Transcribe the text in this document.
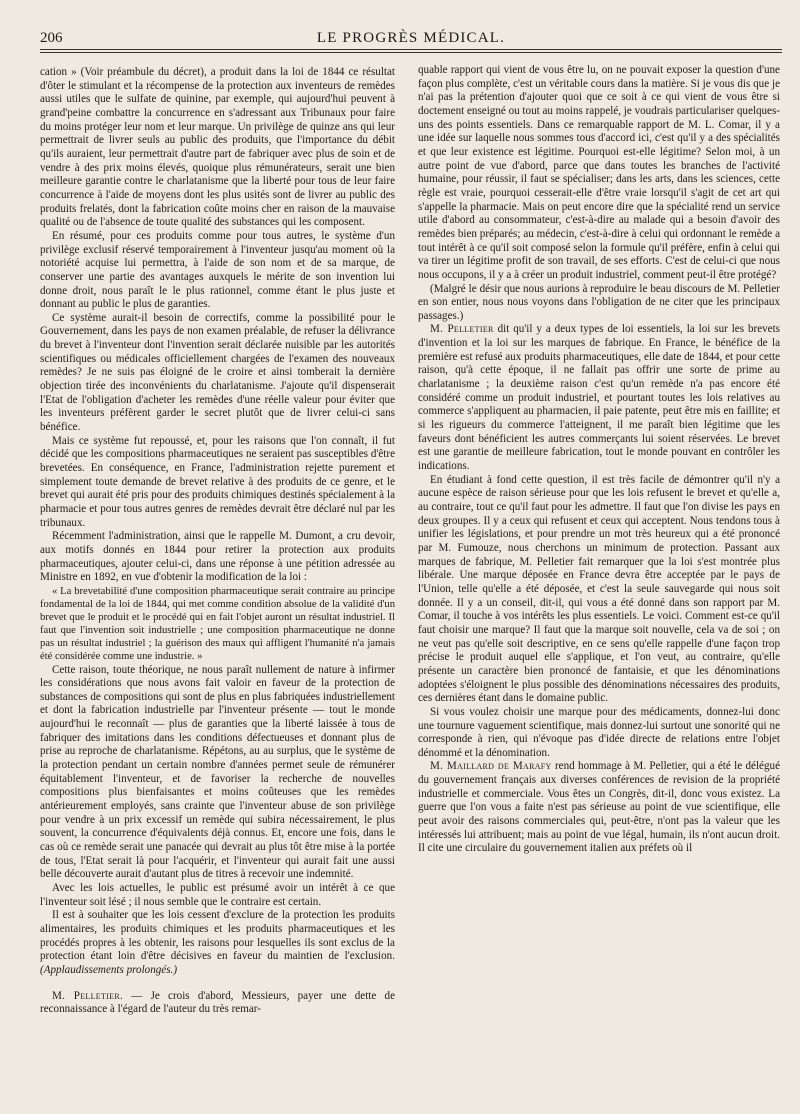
206	LE PROGRÈS MÉDICAL.

cation » (Voir préambule du décret), a produit dans la loi de 1844 ce résultat d'ôter le stimulant et la récompense de la protection aux inventeurs de remèdes aussi utiles que le sulfate de quinine, par exemple, qui aujourd'hui peuvent à grand'peine combattre la concurrence en s'adressant aux Tribunaux pour faire du moins protéger leur nom et leur marque. Un privilège de quinze ans qui leur permettrait de livrer seuls au public des produits, que l'importance du débit qu'ils auraient, leur permettrait d'autre part de fabriquer avec plus de soin et de vendre à des prix moins élevés, quoique plus rémunérateurs, serait une bien meilleure garantie contre le charlatanisme que la liberté pour tous de leur faire concurrence à l'aide de moyens dont les plus usités sont de livrer au public des produits frelatés, dont la fabrication coûte moins cher en raison de la mauvaise qualité ou de l'absence de toute qualité des substances qui les composent.

En résumé, pour ces produits comme pour tous autres, le système d'un privilège exclusif réservé temporairement à l'inventeur jusqu'au moment où la notoriété acquise lui permettra, à l'aide de son nom et de sa marque, de conserver une partie des avantages auxquels le mérite de son invention lui donne droit, nous paraît le le plus rationnel, comme étant le plus juste et donnant au public le plus de garanties.

Ce système aurait-il besoin de correctifs, comme la possibilité pour le Gouvernement, dans les pays de non examen préalable, de refuser la délivrance du brevet à l'inventeur dont l'invention serait déclarée nuisible par les autorités scientifiques ou médicales officiellement chargées de l'examen des nouveaux remèdes? Je ne suis pas éloigné de le croire et ainsi tomberait la dernière objection tirée des inconvénients du charlatanisme. J'ajoute qu'il dispenserait l'Etat de l'obligation d'acheter les remèdes d'une réelle valeur pour éviter que les inventeurs préfèrent garder le secret plutôt que de livrer celui-ci sans bénéfice.

Mais ce système fut repoussé, et, pour les raisons que l'on connaît, il fut décidé que les compositions pharmaceutiques ne seraient pas susceptibles d'être brevetées. En conséquence, en France, l'administration rejette purement et simplement toute demande de brevet relative à des produits de ce genre, et le brevet qui aurait été pris pour des produits chimiques destinés spécialement à la pharmacie et pour tous autres genres de remèdes devrait être déclaré nul par les tribunaux.

Récemment l'administration, ainsi que le rappelle M. Dumont, a cru devoir, aux motifs donnés en 1844 pour retirer la protection aux produits pharmaceutiques, ajouter celui-ci, dans une réponse à une pétition adressée au Ministre en 1892, en vue d'obtenir la modification de la loi :

« La brevetabilité d'une composition pharmaceutique serait contraire au principe fondamental de la loi de 1844, qui met comme condition absolue de la validité d'un brevet que le produit et le procédé qui en fait l'objet auront un résultat industriel. Il faut que l'invention soit industrielle ; une composition pharmaceutique ne donne pas un résultat industriel ; la guérison des maux qui affligent l'humanité n'a jamais été considérée comme une industrie. »

Cette raison, toute théorique, ne nous paraît nullement de nature à infirmer les considérations que nous avons fait valoir en faveur de la protection de substances de compositions qui sont de plus en plus fabriquées industriellement et dont la fabrication industrielle par l'inventeur présente — tout le monde aujourd'hui le reconnaît — plus de garanties que la liberté laissée à tous de fabriquer des imitations dans les conditions défectueuses et donnant plus de prise au reproche de charlatanisme. Répétons, au au surplus, que le système de la protection pendant un certain nombre d'années permet seule de rémunérer équitablement l'inventeur, et de favoriser la recherche de nouvelles compositions plus bienfaisantes et moins coûteuses que les remèdes antérieurement employés, sans crainte que l'inventeur abuse de son privilège pour vendre à un prix excessif un remède qui subira nécessairement, le plus souvent, la concurrence d'équivalents déjà connus. Et, encore une fois, dans le cas où ce remède serait une panacée qui devrait au plus tôt être mise à la portée de tous, l'Etat serait là pour l'acquérir, et l'inventeur qui aurait fait une aussi belle découverte aurait d'autant plus de titres à recevoir une indemnité.

Avec les lois actuelles, le public est présumé avoir un intérêt à ce que l'inventeur soit lésé ; il nous semble que le contraire est certain.

Il est à souhaiter que les lois cessent d'exclure de la protection les produits alimentaires, les produits chimiques et les produits pharmaceutiques et les procédés propres à les obtenir, les raisons pour lesquelles ils sont exclus de la protection étant loin d'être décisives en faveur du maintien de l'exclusion. (Applaudissements prolongés.)

M. Pelletier. — Je crois d'abord, Messieurs, payer une dette de reconnaissance à l'égard de l'auteur du très remar-

quable rapport qui vient de vous être lu, on ne pouvait exposer la question d'une façon plus complète, c'est un véritable cours dans la matière. Si je vous dis que je n'ai pas la prétention d'ajouter quoi que ce soit à ce qui vient de vous être si doctement enseigné ou tout au moins rappelé, je voudrais particulariser quelques-uns des points essentiels. Dans ce remarquable rapport de M. L. Comar, il y a une idée sur laquelle nous sommes tous d'accord ici, c'est qu'il y a des spécialités et que leur existence est légitime. Pourquoi est-elle légitime? Selon moi, à un autre point de vue d'abord, parce que dans toutes les branches de l'activité humaine, pour réussir, il faut se spécialiser; dans les arts, dans les sciences, cette règle est vraie, pourquoi cesserait-elle d'être vraie lorsqu'il s'agit de cet art qui s'appelle la pharmacie. Mais on peut encore dire que la spécialité rend un service utile d'abord au consommateur, c'est-à-dire au malade qui a besoin d'avoir des remèdes bien préparés; au médecin, c'est-à-dire à celui qui ordonnant le remède a tout intérêt à ce qu'il soit composé selon la formule qu'il préfère, enfin à celui qui va tirer un légitime profit de son travail, de ses efforts. C'est de celui-ci que nous nous occupons, il y a à créer un produit industriel, comment peut-il être protégé?

(Malgré le désir que nous aurions à reproduire le beau discours de M. Pelletier en son entier, nous nous voyons dans l'obligation de ne citer que les principaux passages.)

M. Pelletier dit qu'il y a deux types de loi essentiels, la loi sur les brevets d'invention et la loi sur les marques de fabrique. En France, le bénéfice de la première est refusé aux produits pharmaceutiques, elle date de 1844, et pour cette raison, qu'à cette époque, il ne fallait pas offrir une sorte de prime au charlatanisme ; la deuxième raison c'est qu'un remède n'a pas encore été considéré comme un produit industriel, et pourtant toutes les lois relatives au commerce s'appliquent au pharmacien, il paie patente, peut être mis en faillite; et si les rigueurs du commerce l'atteignent, il me paraît bien légitime que les faveurs dont bénéficient les autres commerçants lui soient réservées. Le brevet est une garantie de meilleure fabrication, tout le monde pouvant en contrôler les indications.

En étudiant à fond cette question, il est très facile de démontrer qu'il n'y a aucune espèce de raison sérieuse pour que les lois refusent le brevet et qu'elle a, au contraire, tout ce qu'il faut pour les admettre. Il faut que l'on divise les pays en deux groupes. Il y a ceux qui refusent et ceux qui acceptent. Nous tendons tous à unifier les législations, et pour prendre un mot très heureux qui a été prononcé par M. Fumouze, nous cherchons un minimum de protection. Passant aux marques de fabrique, M. Pelletier fait remarquer que la loi s'est montrée plus libérale. Une marque déposée en France devra être acceptée par le pays de l'Union, telle qu'elle a été déposée, et c'est la seule sauvegarde qui nous soit donnée. Il y a un conseil, dit-il, qui vous a été donné dans son rapport par M. Comar, il touche à vos intérêts les plus essentiels. Le voici. Comment est-ce qu'il faut choisir une marque? Il faut que la marque soit nouvelle, cela va de soi ; on ne veut pas qu'elle soit descriptive, en ce sens qu'elle rappelle d'une façon trop précise le produit auquel elle s'applique, et l'on veut, au contraire, qu'elle présente un caractère bien prononcé de fantaisie, et que les dénominations adoptées s'éloignent le plus possible des dénominations nécessaires des produits, ces dernières étant dans le domaine public.

Si vous voulez choisir une marque pour des médicaments, donnez-lui donc une tournure vaguement scientifique, mais donnez-lui surtout une sonorité qui ne corresponde à rien, qui n'évoque pas d'idée directe de relations entre l'objet dénommé et la dénomination.

M. Maillard de Marafy rend hommage à M. Pelletier, qui a été le délégué du gouvernement français aux diverses conférences de revision de la propriété industrielle et commerciale. Vous êtes un Congrès, dit-il, donc vous existez. La guerre que l'on vous a faite n'est pas sérieuse au point de vue scientifique, elle peut avoir des raisons commerciales qui, peut-être, n'ont pas la valeur que les intéressés lui attribuent; mais au point de vue légal, humain, ils n'ont aucun droit. Il cite une circulaire du gouvernement italien aux préfets où il
